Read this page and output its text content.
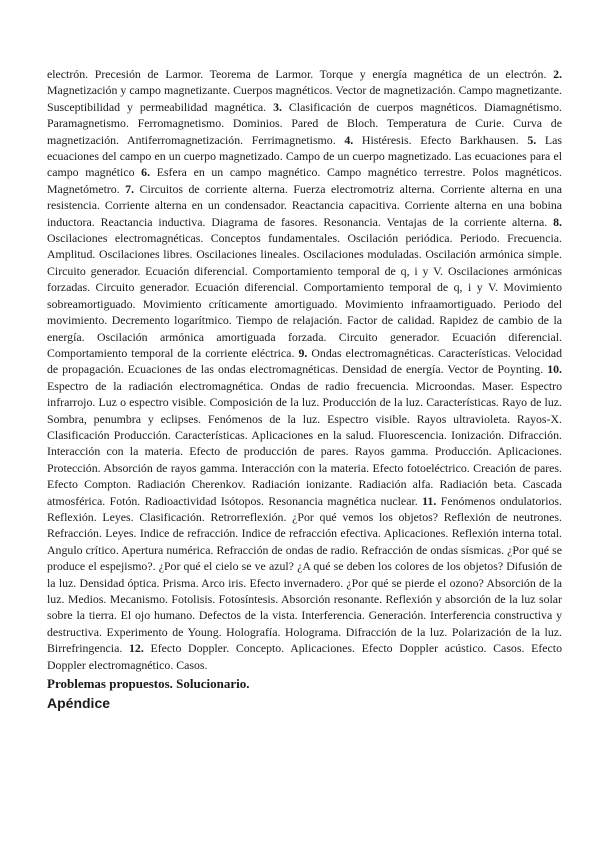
electrón. Precesión de Larmor. Teorema de Larmor. Torque y energía magnética de un electrón. 2. Magnetización y campo magnetizante. Cuerpos magnéticos. Vector de magnetización. Campo magnetizante. Susceptibilidad y permeabilidad magnética. 3. Clasificación de cuerpos magnéticos. Diamagnétismo. Paramagnetismo. Ferromagnetismo. Dominios. Pared de Bloch. Temperatura de Curie. Curva de magnetización. Antiferromagnetización. Ferrimagnetismo. 4. Histéresis. Efecto Barkhausen. 5. Las ecuaciones del campo en un cuerpo magnetizado. Campo de un cuerpo magnetizado. Las ecuaciones para el campo magnético 6. Esfera en un campo magnético. Campo magnético terrestre. Polos magnéticos. Magnetómetro. 7. Circuitos de corriente alterna. Fuerza electromotriz alterna. Corriente alterna en una resistencia. Corriente alterna en un condensador. Reactancia capacitiva. Corriente alterna en una bobina inductora. Reactancia inductiva. Diagrama de fasores. Resonancia. Ventajas de la corriente alterna. 8. Oscilaciones electromagnéticas. Conceptos fundamentales. Oscilación periódica. Periodo. Frecuencia. Amplitud. Oscilaciones libres. Oscilaciones lineales. Oscilaciones moduladas. Oscilación armónica simple. Circuito generador. Ecuación diferencial. Comportamiento temporal de q, i y V. Oscilaciones armónicas forzadas. Circuito generador. Ecuación diferencial. Comportamiento temporal de q, i y V. Movimiento sobreamortiguado. Movimiento críticamente amortiguado. Movimiento infraamortiguado. Periodo del movimiento. Decremento logarítmico. Tiempo de relajación. Factor de calidad. Rapidez de cambio de la energía. Oscilación armónica amortiguada forzada. Circuito generador. Ecuación diferencial. Comportamiento temporal de la corriente eléctrica. 9. Ondas electromagnéticas. Características. Velocidad de propagación. Ecuaciones de las ondas electromagnéticas. Densidad de energía. Vector de Poynting. 10. Espectro de la radiación electromagnética. Ondas de radio frecuencia. Microondas. Maser. Espectro infrarrojo. Luz o espectro visible. Composición de la luz. Producción de la luz. Características. Rayo de luz. Sombra, penumbra y eclipses. Fenómenos de la luz. Espectro visible. Rayos ultravioleta. Rayos-X. Clasificación Producción. Características. Aplicaciones en la salud. Fluorescencia. Ionización. Difracción. Interacción con la materia. Efecto de producción de pares. Rayos gamma. Producción. Aplicaciones. Protección. Absorción de rayos gamma. Interacción con la materia. Efecto fotoeléctrico. Creación de pares. Efecto Compton. Radiación Cherenkov. Radiación ionizante. Radiación alfa. Radiación beta. Cascada atmosférica. Fotón. Radioactividad Isótopos. Resonancia magnética nuclear. 11. Fenómenos ondulatorios. Reflexión. Leyes. Clasificación. Retrorreflexión. ¿Por qué vemos los objetos? Reflexión de neutrones. Refracción. Leyes. Indice de refracción. Indice de refracción efectiva. Aplicaciones. Reflexión interna total. Angulo crítico. Apertura numérica. Refracción de ondas de radio. Refracción de ondas sísmicas. ¿Por qué se produce el espejismo?. ¿Por qué el cielo se ve azul? ¿A qué se deben los colores de los objetos? Difusión de la luz. Densidad óptica. Prisma. Arco iris. Efecto invernadero. ¿Por qué se pierde el ozono? Absorción de la luz. Medios. Mecanismo. Fotolisis. Fotosíntesis. Absorción resonante. Reflexión y absorción de la luz solar sobre la tierra. El ojo humano. Defectos de la vista. Interferencia. Generación. Interferencia constructiva y destructiva. Experimento de Young. Holografía. Holograma. Difracción de la luz. Polarización de la luz. Birrefringencia. 12. Efecto Doppler. Concepto. Aplicaciones. Efecto Doppler acústico. Casos. Efecto Doppler electromagnético. Casos.

Problemas propuestos. Solucionario.
Apéndice
